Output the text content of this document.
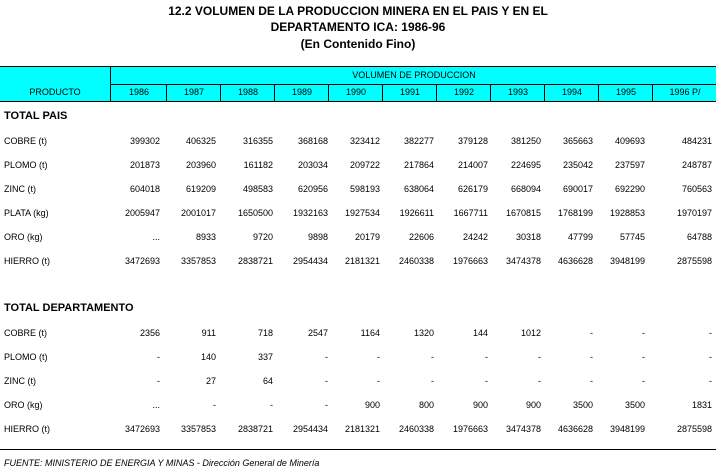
12.2 VOLUMEN DE LA PRODUCCION MINERA EN EL PAIS Y EN EL
DEPARTAMENTO ICA: 1986-96
(En Contenido Fino)
PRODUCTO
VOLUMEN DE PRODUCCION
1986	1987	1988	1989	1990	1991	1992	1993	1994	1995	1996 P/
TOTAL PAIS
COBRE (t)	399302	406325	316355	368168 323412	382277	379128	381250 365663 409693	484231
PLOMO (t)	201873	203960	161182	203034 209722	217864	214007	224695 235042 237597	248787
ZINC (t)	604018	619209	498583	620956 598193	638064	626179	668094 690017 692290	760563
PLATA (kg)	2005947 2001017 1650500 1932163 1927534 1926611 1667711 1670815 1768199 1928853	1970197
ORO (kg)	...	8933	9720	9898	20179	22606	24242	30318	47799	57745	64788
HIERRO (t)	3472693 3357853 2838721 2954434 2181321 2460338 1976663 3474378 4636628 3948199	2875598
TOTAL DEPARTAMENTO
COBRE (t)	2356	911	718	2547	1164	1320	144	1012	-	-	-
PLOMO (t)	-	140	337	-	-	-	-	-	-	-	-
ZINC (t)	-	27	64	-	-	-	-	-	-	-	-
ORO (kg)	...	-	-	-	900	800	900	900	3500	3500	1831
HIERRO (t)	3472693 3357853 2838721 2954434 2181321 2460338 1976663 3474378 4636628 3948199	2875598
FUENTE: MINISTERIO DE ENERGIA Y MINAS - Dirección General de Minería
